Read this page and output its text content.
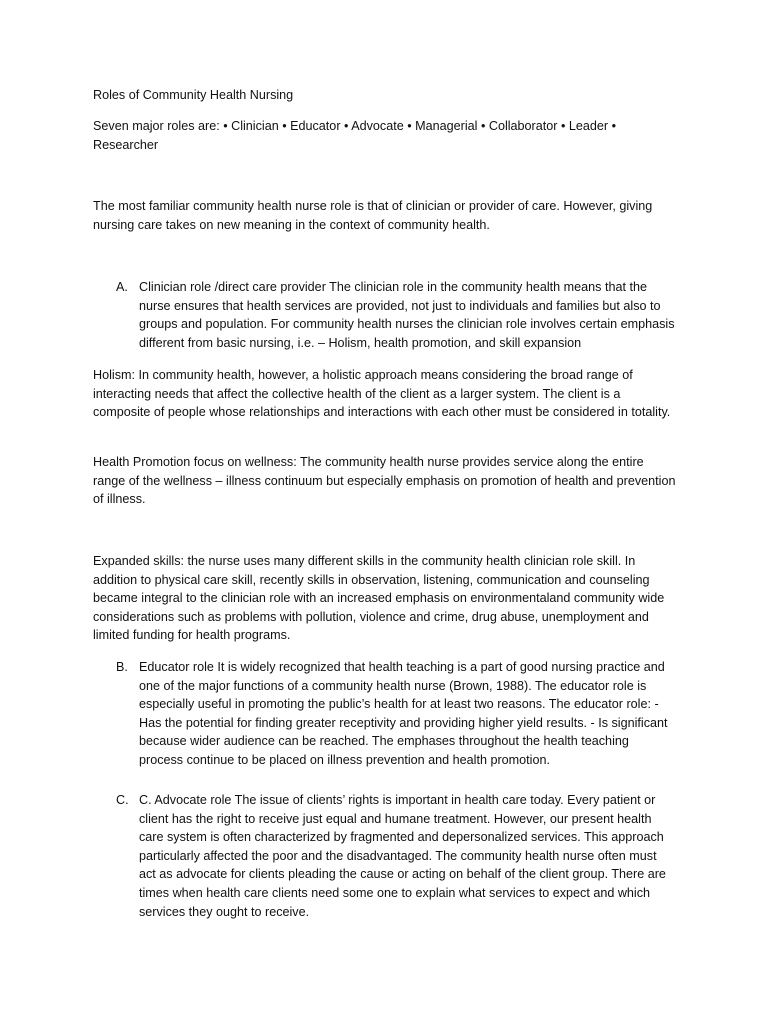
Roles of Community Health Nursing

Seven major roles are: • Clinician • Educator • Advocate • Managerial • Collaborator • Leader • Researcher

The most familiar community health nurse role is that of clinician or provider of care. However, giving nursing care takes on new meaning in the context of community health.

A. Clinician role /direct care provider The clinician role in the community health means that the nurse ensures that health services are provided, not just to individuals and families but also to groups and population. For community health nurses the clinician role involves certain emphasis different from basic nursing, i.e. – Holism, health promotion, and skill expansion

Holism: In community health, however, a holistic approach means considering the broad range of interacting needs that affect the collective health of the client as a larger system. The client is a composite of people whose relationships and interactions with each other must be considered in totality.

Health Promotion focus on wellness: The community health nurse provides service along the entire range of the wellness – illness continuum but especially emphasis on promotion of health and prevention of illness.

Expanded skills: the nurse uses many different skills in the community health clinician role skill. In addition to physical care skill, recently skills in observation, listening, communication and counseling became integral to the clinician role with an increased emphasis on environmentaland community wide considerations such as problems with pollution, violence and crime, drug abuse, unemployment and limited funding for health programs.

B. Educator role It is widely recognized that health teaching is a part of good nursing practice and one of the major functions of a community health nurse (Brown, 1988). The educator role is especially useful in promoting the public’s health for at least two reasons. The educator role: - Has the potential for finding greater receptivity and providing higher yield results. - Is significant because wider audience can be reached. The emphases throughout the health teaching process continue to be placed on illness prevention and health promotion.

C. C. Advocate role The issue of clients’ rights is important in health care today. Every patient or client has the right to receive just equal and humane treatment. However, our present health care system is often characterized by fragmented and depersonalized services. This approach particularly affected the poor and the disadvantaged. The community health nurse often must act as advocate for clients pleading the cause or acting on behalf of the client group. There are times when health care clients need some one to explain what services to expect and which services they ought to receive.
